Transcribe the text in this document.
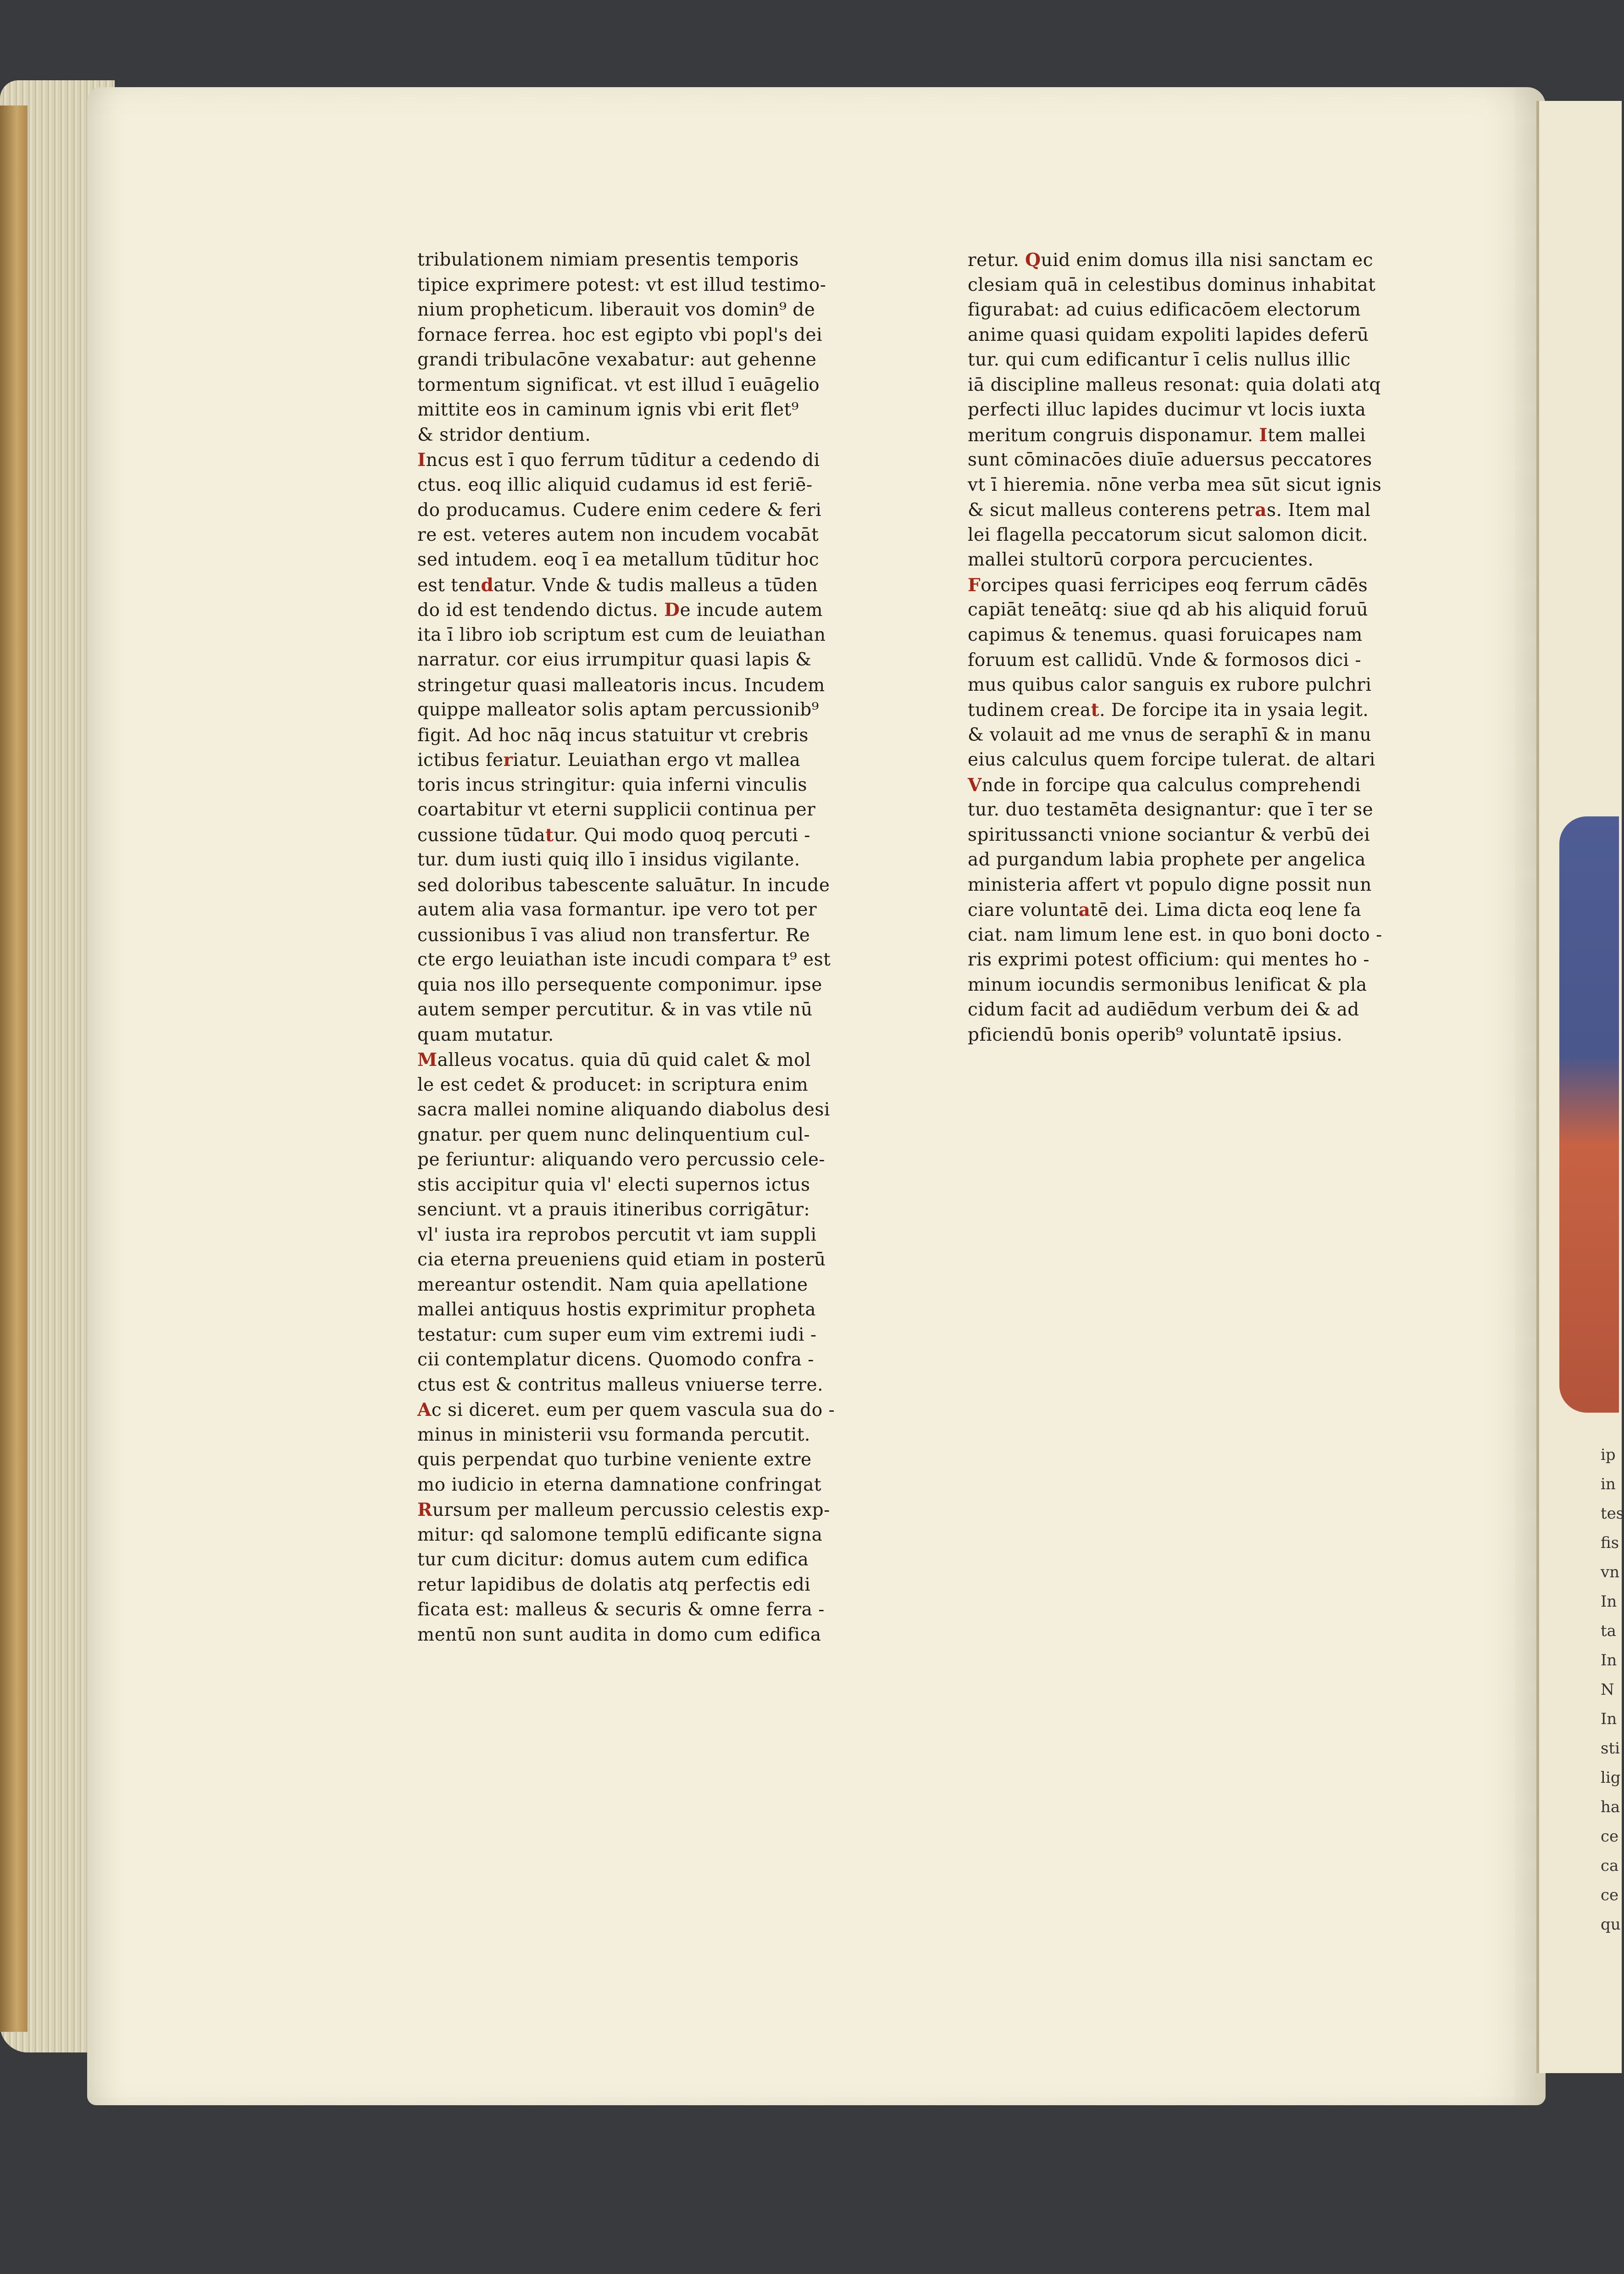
ip
in
tes
fis
vn
In
ta
In
N
In
sti
lig
ha
ce
ca
ce
qu
tribulationem nimiam presentis temporis
tipice exprimere potest: vt est illud testimo-
nium propheticum. liberauit vos domin⁹ de
fornace ferrea. hoc est egipto vbi popl's dei
grandi tribulacōne vexabatur: aut gehenne
tormentum significat. vt est illud ī euāgelio
mittite eos in caminum ignis vbi erit flet⁹
& stridor dentium.
Incus est ī quo ferrum tūditur a cedendo di
ctus. eoq illic aliquid cudamus id est feriē-
do producamus. Cudere enim cedere & feri
re est. veteres autem non incudem vocabāt
sed intudem. eoq ī ea metallum tūditur hoc
est tendatur. Vnde & tudis malleus a tūden
do id est tendendo dictus. De incude autem
ita ī libro iob scriptum est cum de leuiathan
narratur. cor eius irrumpitur quasi lapis &
stringetur quasi malleatoris incus. Incudem
quippe malleator solis aptam percussionib⁹
figit. Ad hoc nāq incus statuitur vt crebris
ictibus feriatur. Leuiathan ergo vt mallea
toris incus stringitur: quia inferni vinculis
coartabitur vt eterni supplicii continua per
cussione tūdatur. Qui modo quoq percuti -
tur. dum iusti quiq illo ī insidus vigilante.
sed doloribus tabescente saluātur. In incude
autem alia vasa formantur. ipe vero tot per
cussionibus ī vas aliud non transfertur. Re
cte ergo leuiathan iste incudi compara t⁹ est
quia nos illo persequente componimur. ipse
autem semper percutitur. & in vas vtile nū
quam mutatur.
Malleus vocatus. quia dū quid calet & mol
le est cedet & producet: in scriptura enim
sacra mallei nomine aliquando diabolus desi
gnatur. per quem nunc delinquentium cul-
pe feriuntur: aliquando vero percussio cele-
stis accipitur quia vl' electi supernos ictus
senciunt. vt a prauis itineribus corrigātur:
vl' iusta ira reprobos percutit vt iam suppli
cia eterna preueniens quid etiam in posterū
mereantur ostendit. Nam quia apellatione
mallei antiquus hostis exprimitur propheta
testatur: cum super eum vim extremi iudi -
cii contemplatur dicens. Quomodo confra -
ctus est & contritus malleus vniuerse terre.
Ac si diceret. eum per quem vascula sua do -
minus in ministerii vsu formanda percutit.
quis perpendat quo turbine veniente extre
mo iudicio in eterna damnatione confringat
Rursum per malleum percussio celestis exp-
mitur: qd salomone templū edificante signa
tur cum dicitur: domus autem cum edifica
retur lapidibus de dolatis atq perfectis edi
ficata est: malleus & securis & omne ferra -
mentū non sunt audita in domo cum edifica
retur. Quid enim domus illa nisi sanctam ec
clesiam quā in celestibus dominus inhabitat
figurabat: ad cuius edificacōem electorum
anime quasi quidam expoliti lapides deferū
tur. qui cum edificantur ī celis nullus illic
iā discipline malleus resonat: quia dolati atq
perfecti illuc lapides ducimur vt locis iuxta
meritum congruis disponamur. Item mallei
sunt cōminacōes diuīe aduersus peccatores
vt ī hieremia. nōne verba mea sūt sicut ignis
& sicut malleus conterens petras. Item mal
lei flagella peccatorum sicut salomon dicit.
mallei stultorū corpora percucientes.
Forcipes quasi ferricipes eoq ferrum cādēs
capiāt teneātq: siue qd ab his aliquid foruū
capimus & tenemus. quasi foruicapes nam
foruum est callidū. Vnde & formosos dici -
mus quibus calor sanguis ex rubore pulchri
tudinem creat. De forcipe ita in ysaia legit.
& volauit ad me vnus de seraphī & in manu
eius calculus quem forcipe tulerat. de altari
Vnde in forcipe qua calculus comprehendi
tur. duo testamēta designantur: que ī ter se
spiritussancti vnione sociantur & verbū dei
ad purgandum labia prophete per angelica
ministeria affert vt populo digne possit nun
ciare voluntatē dei. Lima dicta eoq lene fa
ciat. nam limum lene est. in quo boni docto -
ris exprimi potest officium: qui mentes ho -
minum iocundis sermonibus lenificat & pla
cidum facit ad audiēdum verbum dei & ad
pficiendū bonis operib⁹ voluntatē ipsius.
